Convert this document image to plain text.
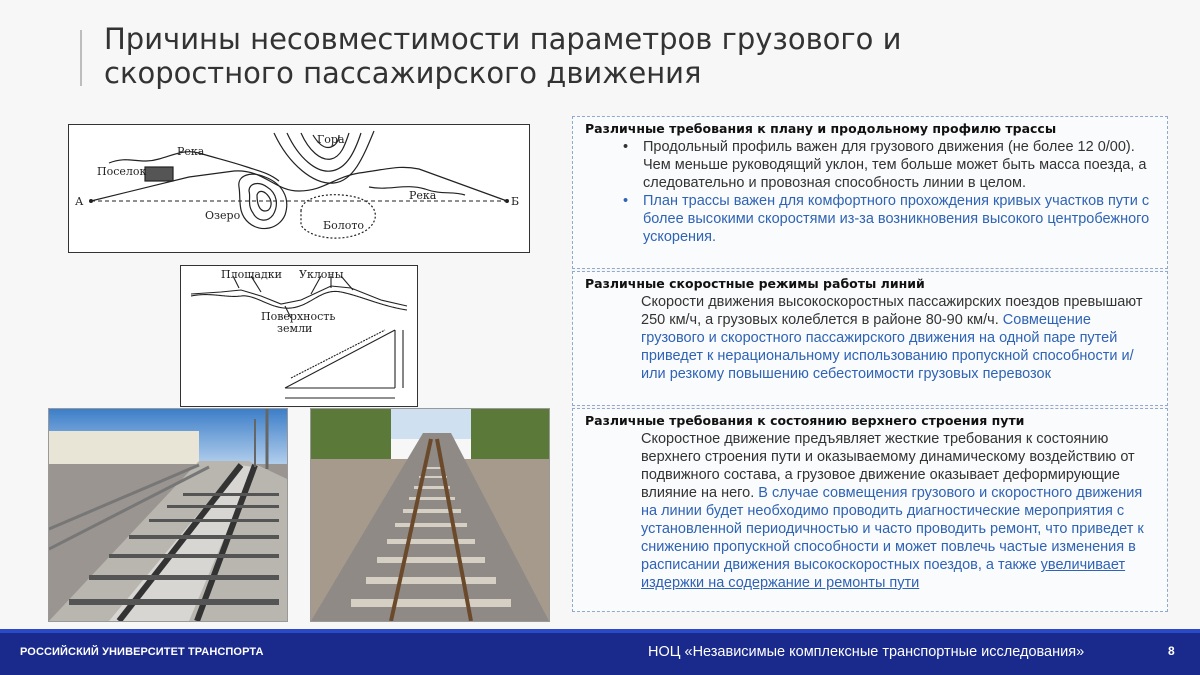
Причины несовместимости параметров грузового и
скоростного пассажирского движения
Гора
Река
Поселок
А	Б
Озеро
Болото
Река
Площадки Уклоны
Поверхность
земли
Различные требования к плану и продольному профилю трассы
• Продольный профиль важен для грузового движения (не более 12 0/00). Чем меньше руководящий уклон, тем больше может быть масса поезда, а следовательно и провозная способность линии в целом.
• План трассы важен для комфортного прохождения кривых участков пути с более высокими скоростями из-за возникновения высокого центробежного ускорения.
Различные скоростные режимы работы линий

Скорости движения высокоскоростных пассажирских поездов превышают 250 км/ч, а грузовых колеблется в районе 80-90 км/ч. Совмещение грузового и скоростного пассажирского движения на одной паре путей приведет к нерациональному использованию пропускной способности и/или резкому повышению себестоимости грузовых перевозок

Различные требования к состоянию верхнего строения пути

Скоростное движение предъявляет жесткие требования к состоянию верхнего строения пути и оказываемому динамическому воздействию от подвижного состава, а грузовое движение оказывает деформирующие влияние на него. В случае совмещения грузового и скоростного движения на линии будет необходимо проводить диагностические мероприятия с установленной периодичностью и часто проводить ремонт, что приведет к снижению пропускной способности и может повлечь частые изменения в расписании движения высокоскоростных поездов, а также увеличивает издержки на содержание и ремонты пути

РОССИЙСКИЙ УНИВЕРСИТЕТ ТРАНСПОРТА	НОЦ «Независимые комплексные транспортные исследования»	8
